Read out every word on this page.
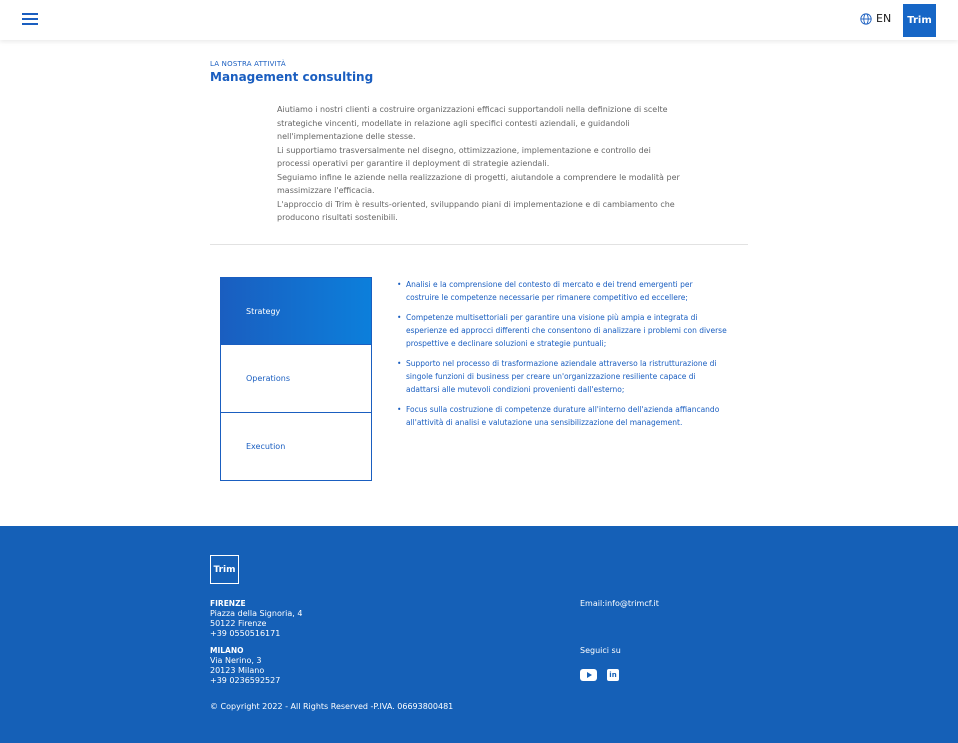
EN	Trim
LA NOSTRA ATTIVITÀ
Management consulting

Aiutiamo i nostri clienti a costruire organizzazioni efficaci supportandoli nella definizione di scelte strategiche vincenti, modellate in relazione agli specifici contesti aziendali, e guidandoli nell'implementazione delle stesse.

Li supportiamo trasversalmente nel disegno, ottimizzazione, implementazione e controllo dei processi operativi per garantire il deployment di strategie aziendali.

Seguiamo infine le aziende nella realizzazione di progetti, aiutandole a comprendere le modalità per massimizzare l'efficacia.

L'approccio di Trim è results-oriented, sviluppando piani di implementazione e di cambiamento che producono risultati sostenibili.

Strategy
Operations
Execution
• Analisi e la comprensione del contesto di mercato e dei trend emergenti per costruire le competenze necessarie per rimanere competitivo ed eccellere;
• Competenze multisettoriali per garantire una visione più ampia e integrata di esperienze ed approcci differenti che consentono di analizzare i problemi con diverse prospettive e declinare soluzioni e strategie puntuali;
• Supporto nel processo di trasformazione aziendale attraverso la ristrutturazione di singole funzioni di business per creare un'organizzazione resiliente capace di adattarsi alle mutevoli condizioni provenienti dall'esterno;
• Focus sulla costruzione di competenze durature all'interno dell'azienda affiancando all'attività di analisi e valutazione una sensibilizzazione del management.
Trim
FIRENZE
Piazza della Signoria, 4
50122 Firenze
+39 0550516171
MILANO
Via Nerino, 3
20123 Milano
+39 0236592527
Email:info@trimcf.it
Seguici su
in
© Copyright 2022 - All Rights Reserved -P.IVA. 06693800481
